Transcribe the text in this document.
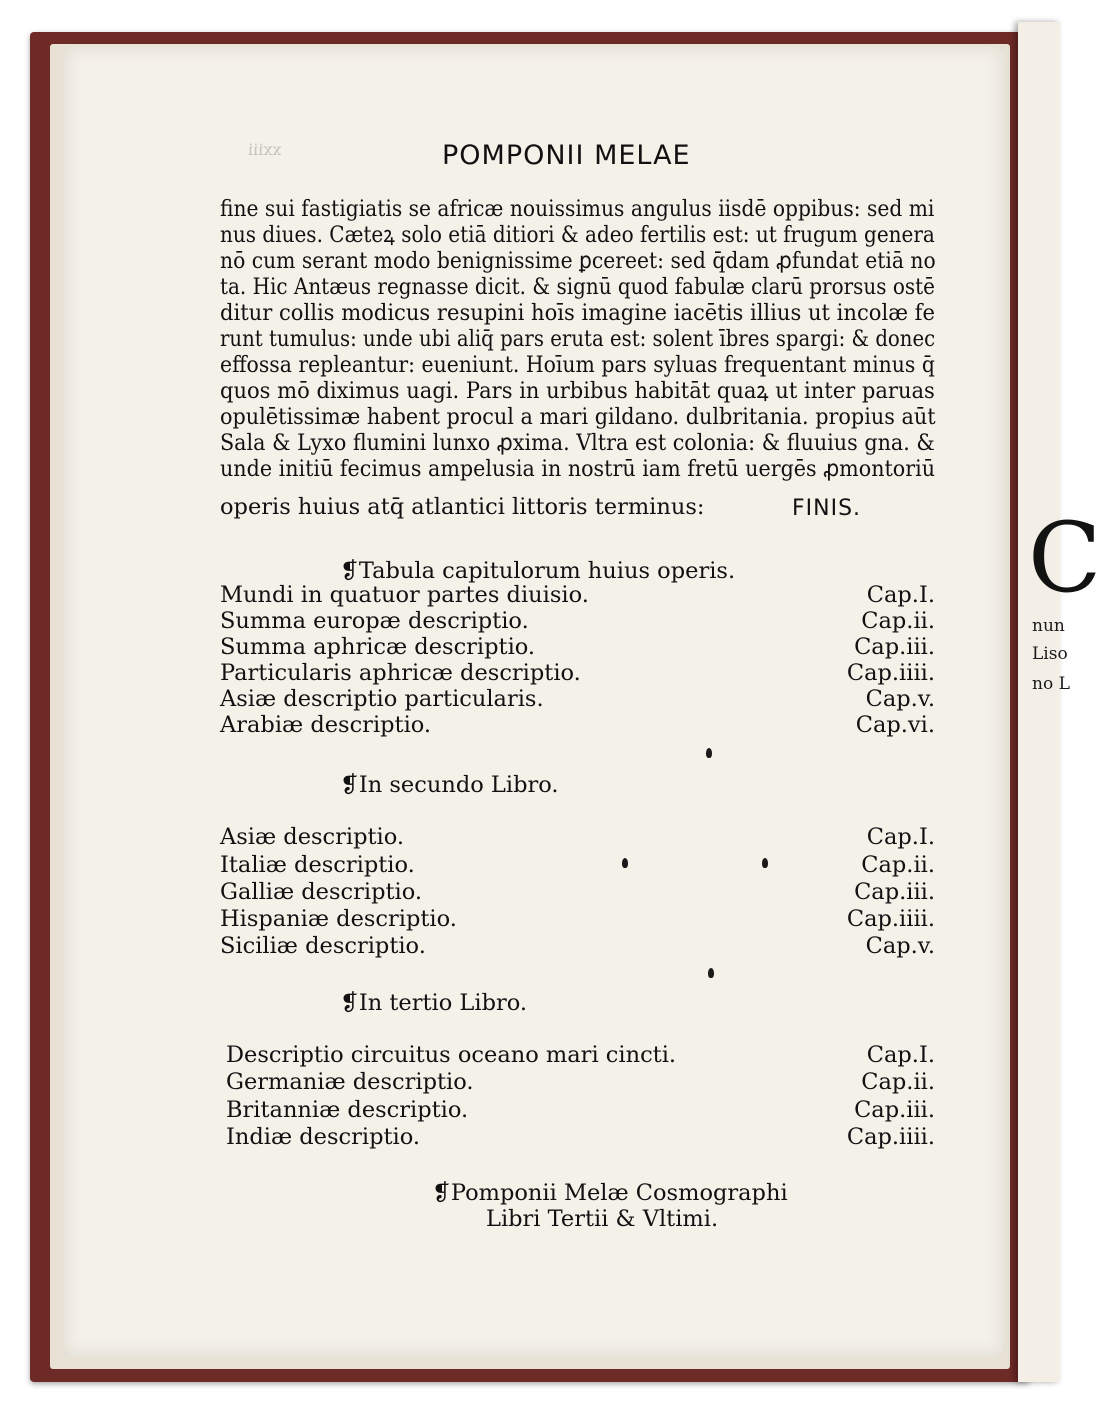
xxiii	POMPONII MELAE
fine sui fastigiatis se africæ nouissimus angulus iisdē oppibus: sed mi
nus diues. Cæteꝝ solo etiā ditiori & adeo fertilis est: ut frugum genera
nō cum serant modo benignissime ꝑcereet: sed q̄dam ꝓfundat etiā no
ta. Hic Antæus regnasse dicit. & signū quod fabulæ clarū prorsus ostē
ditur collis modicus resupini hoīs imagine iacētis illius ut incolæ fe
runt tumulus: unde ubi aliq̄ pars eruta est: solent ībres spargi: & donec
effossa repleantur: eueniunt. Hoīum pars syluas frequentant minus q̄
quos mō diximus uagi. Pars in urbibus habitāt quaꝝ ut inter paruas
opulētissimæ habent procul a mari gildano. dulbritania. propius aūt
Sala & Lyxo flumini lunxo ꝓxima. Vltra est colonia: & fluuius gna. &
unde initiū fecimus ampelusia in nostrū iam fretū uergēs ꝓmontoriū
operis huius atq̄ atlantici littoris terminus:	FINIS.
❡Tabula capitulorum huius operis.
Mundi in quatuor partes diuisio.	Cap.I.
Summa europæ descriptio.	Cap.ii.
Summa aphricæ descriptio.	Cap.iii.
Particularis aphricæ descriptio.	Cap.iiii.
Asiæ descriptio particularis.	Cap.v.
Arabiæ descriptio.	Cap.vi.
❡In secundo Libro.
Asiæ descriptio.	Cap.I.
Italiæ descriptio.	Cap.ii.
Galliæ descriptio.	Cap.iii.
Hispaniæ descriptio.	Cap.iiii.
Siciliæ descriptio.	Cap.v.
❡In tertio Libro.
Descriptio circuitus oceano mari cincti.	Cap.I.
Germaniæ descriptio.	Cap.ii.
Britanniæ descriptio.	Cap.iii.
Indiæ descriptio.	Cap.iiii.
❡Pomponii Melæ Cosmographi
Libri Tertii & Vltimi.
C
nun
Liso
no L
